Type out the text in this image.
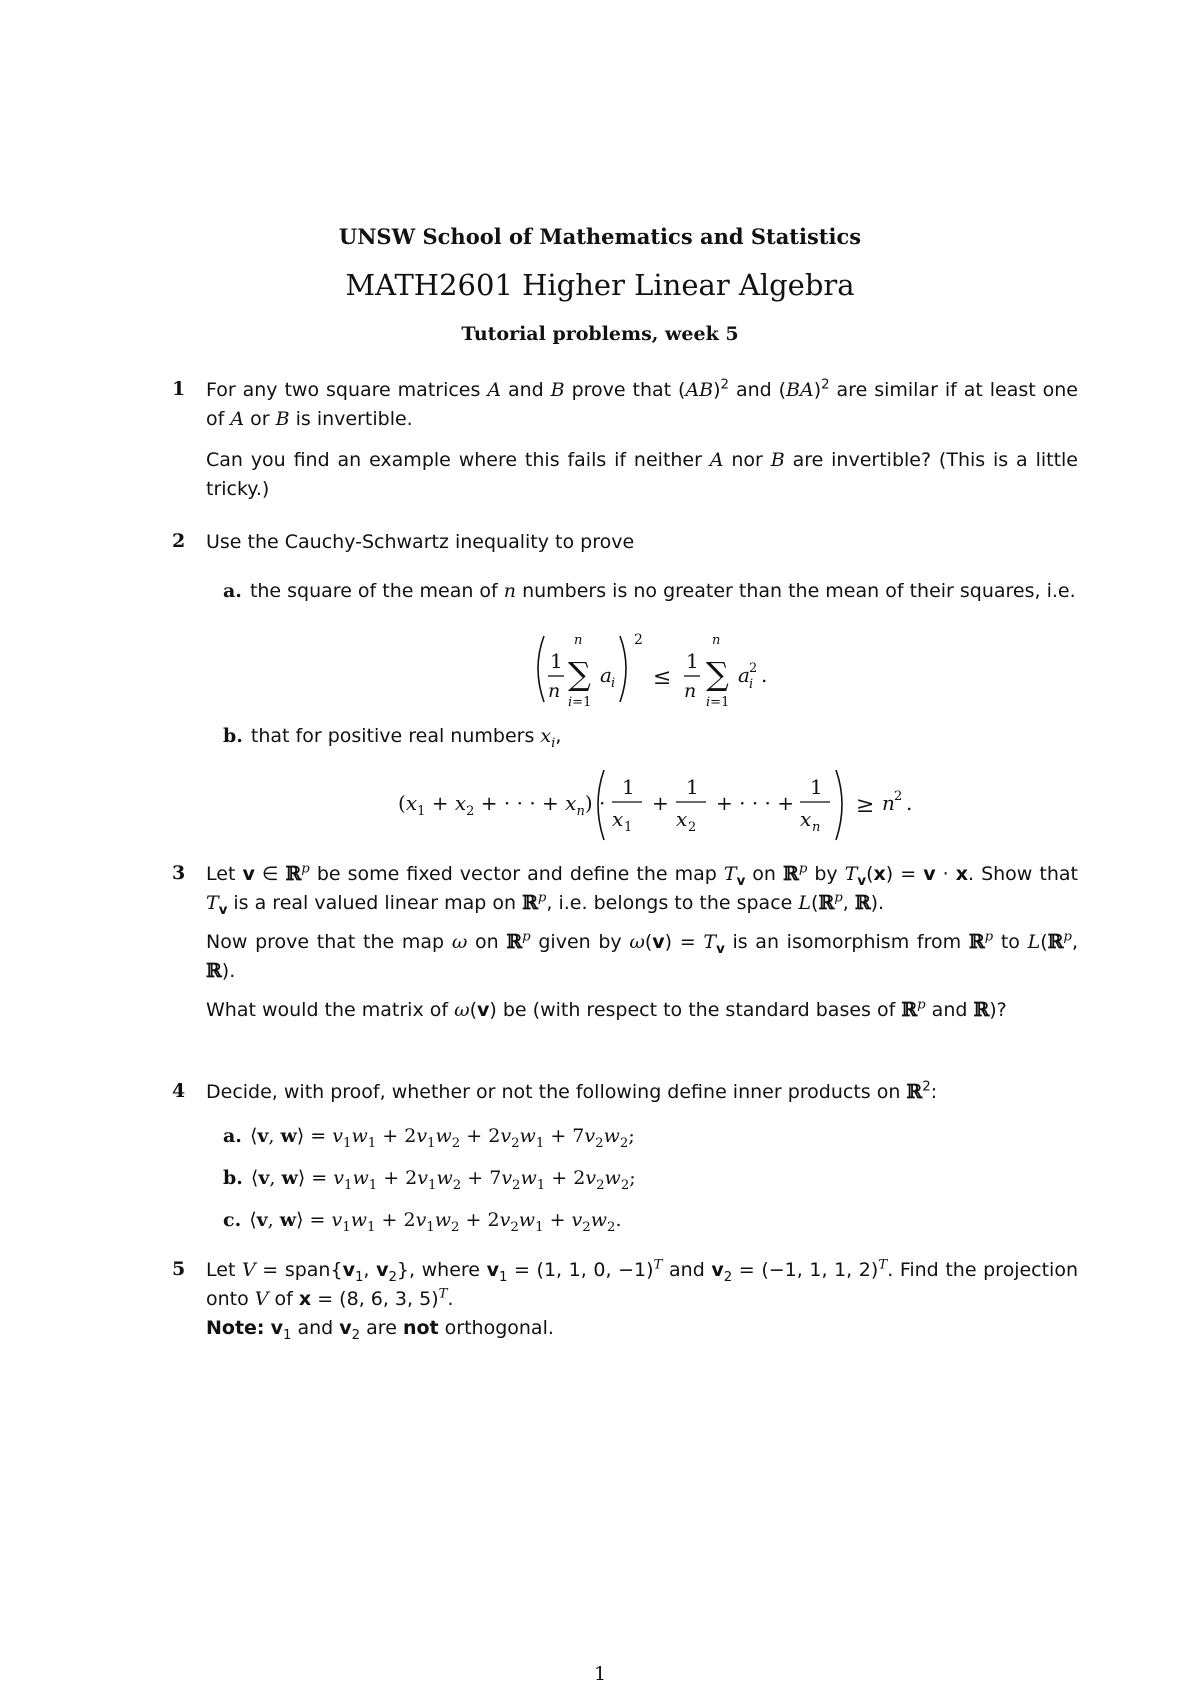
UNSW School of Mathematics and Statistics
MATH2601 Higher Linear Algebra
Tutorial problems, week 5
1 For any two square matrices A and B prove that (AB)$^2$ and (BA)$^2$ are similar if at least one of A or B is invertible.
Can you find an example where this fails if neither A nor B are invertible? (This is a little tricky.)
2 Use the Cauchy-Schwartz inequality to prove
a. the square of the mean of n numbers is no greater than the mean of their squares, i.e.
1
n
n
∑
i=1
a i
2
≤
1
n
n
∑
i=1
a 2
i .
b. that for positive real numbers $x_i$,
($x_1 + x_2$ + · · · + $x_n$) ·
1
x 1
+
1
x 2
+ · · · +
1
x n
≥ n 2 .
3 Let v ∈ ℝ$^p$ be some fixed vector and define the map $T_v$ on ℝ$^p$ by $T_v(x) = v \cdot x$. Show that $T_v$ is a real valued linear map on ℝ$^p$, i.e. belongs to the space L(ℝ$^p$, ℝ).
Now prove that the map ω on ℝ$^p$ given by $\omega(v) = T_v$ is an isomorphism from ℝ$^p$ to L(ℝ$^p$, ℝ).
What would the matrix of ω(v) be (with respect to the standard bases of ℝ$^p$ and ℝ)?
4 Decide, with proof, whether or not the following define inner products on ℝ$^2$:
a. ⟨v, w⟩ = $v_1w_1 + 2v_1w_2 + 2v_2w_1 + 7v_2w_2$;
b. ⟨v, w⟩ = $v_1w_1 + 2v_1w_2 + 7v_2w_1 + 2v_2w_2$;
c. ⟨v, w⟩ = $v_1w_1 + 2v_1w_2 + 2v_2w_1 + v_2w_2$.
5 Let $V = span\{v_1$, $v_2$}, where $v_1 = (1$, 1, 0, −1)$^T$ and $v_2 = (-1$, 1, 1, 2)$^T$. Find the projection onto V of x = (8, 6, 3, 5)$^T$.
Note: $v_1$ and $v_2$ are not orthogonal.
1
